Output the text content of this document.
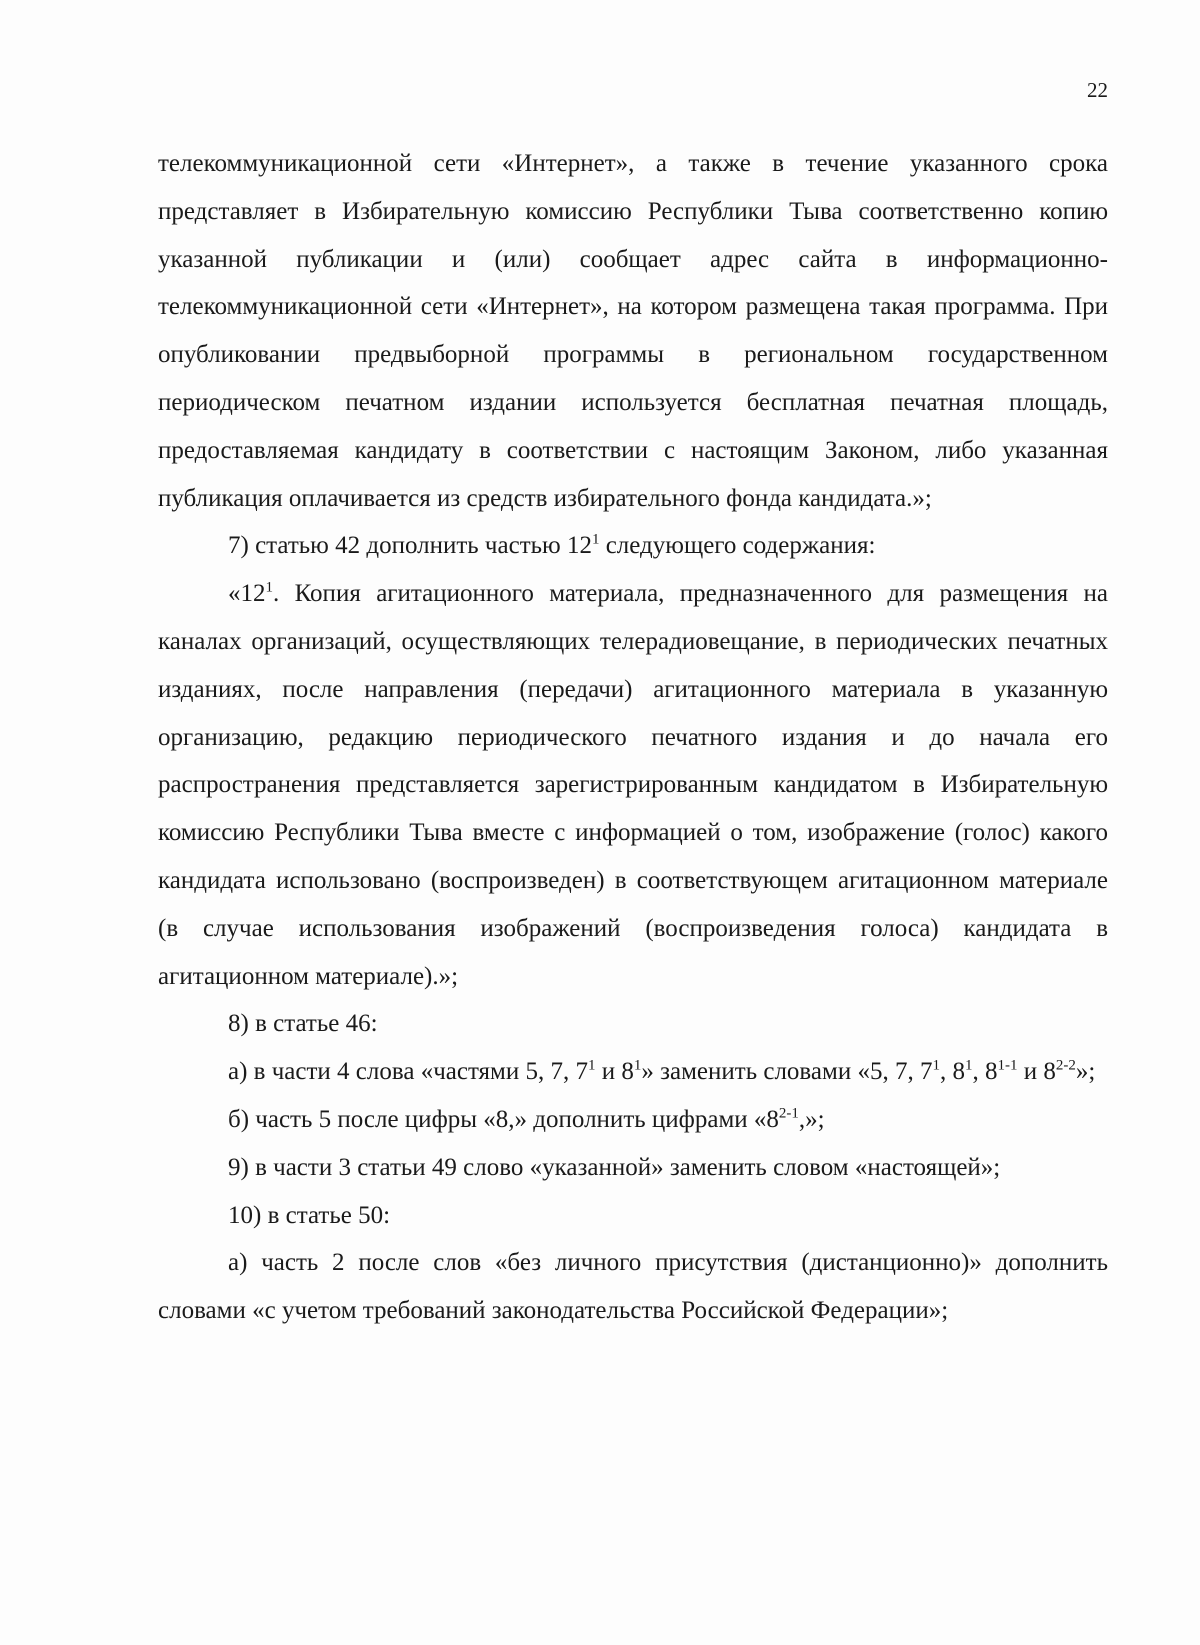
22

телекоммуникационной сети «Интернет», а также в течение указанного срока представляет в Избирательную комиссию Республики Тыва соответственно копию указанной публикации и (или) сообщает адрес сайта в информационно-телекоммуникационной сети «Интернет», на котором размещена такая программа. При опубликовании предвыборной программы в региональном государственном периодическом печатном издании используется бесплатная печатная площадь, предоставляемая кандидату в соответствии с настоящим Законом, либо указанная публикация оплачивается из средств избирательного фонда кандидата.»;

7) статью 42 дополнить частью $12^1$ следующего содержания:

«$12^1$. Копия агитационного материала, предназначенного для размещения на каналах организаций, осуществляющих телерадиовещание, в периодических печатных изданиях, после направления (передачи) агитационного материала в указанную организацию, редакцию периодического печатного издания и до начала его распространения представляется зарегистрированным кандидатом в Избирательную комиссию Республики Тыва вместе с информацией о том, изображение (голос) какого кандидата использовано (воспроизведен) в соответствующем агитационном материале (в случае использования изображений (воспроизведения голоса) кандидата в агитационном материале).»;

8) в статье 46:

а) в части 4 слова «частями 5, 7, $7^1$ и $8^1$» заменить словами «5, 7, $7^1$, $8^1$, 8$^{1-1}$ и 8$^{2-2}$»;

б) часть 5 после цифры «8,» дополнить цифрами «8$^{2-1}$,»;

9) в части 3 статьи 49 слово «указанной» заменить словом «настоящей»;

10) в статье 50:

а) часть 2 после слов «без личного присутствия (дистанционно)» дополнить словами «с учетом требований законодательства Российской Федерации»;
